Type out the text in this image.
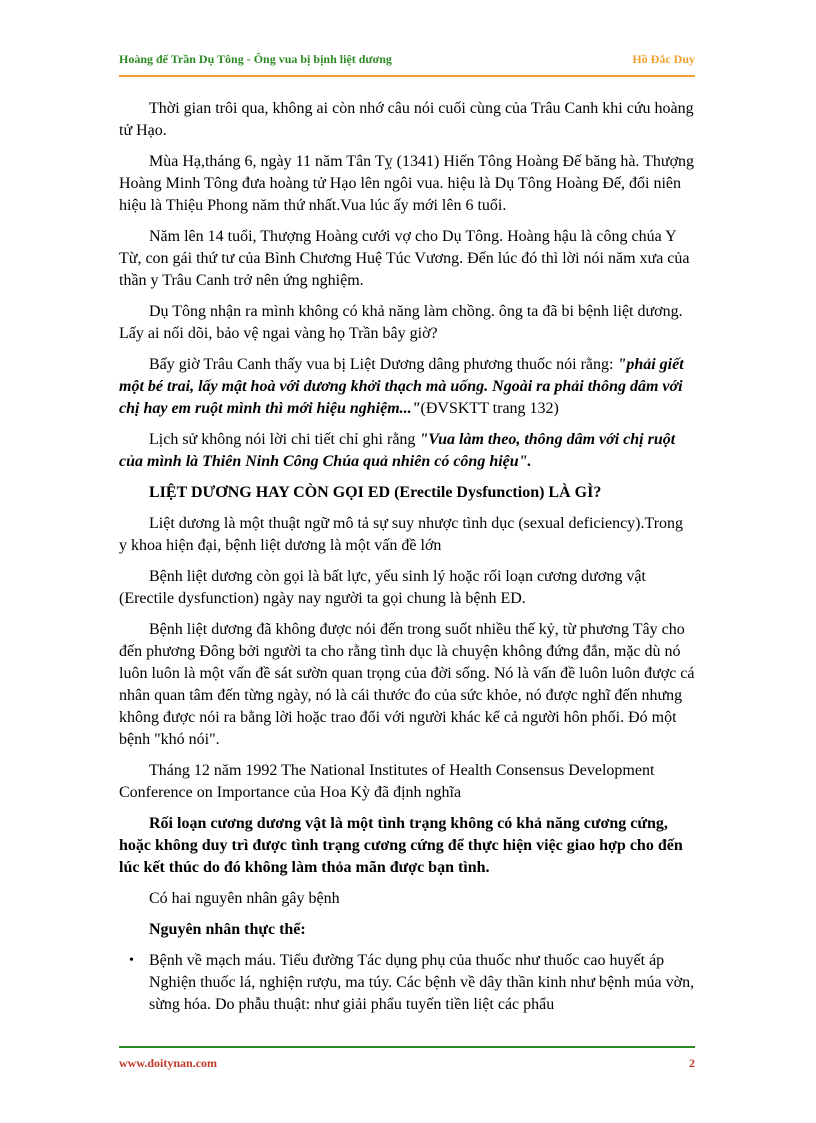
Hoàng đế Trần Dụ Tông - Ông vua bị bịnh liệt dương	Hồ Đắc Duy

Thời gian trôi qua, không ai còn nhớ câu nói cuối cùng của Trâu Canh khi cứu hoàng tử Hạo.

Mùa Hạ,tháng 6, ngày 11 năm Tân Tỵ (1341) Hiến Tông Hoàng Đế băng hà. Thượng Hoàng Minh Tông đưa hoàng tử Hạo lên ngôi vua. hiệu là Dụ Tông Hoàng Đế, đổi niên hiệu là Thiệu Phong năm thứ nhất.Vua lúc ấy mới lên 6 tuổi.

Năm lên 14 tuổi, Thượng Hoàng cưới vợ cho Dụ Tông. Hoàng hậu là công chúa Y Từ, con gái thứ tư của Bình Chương Huệ Túc Vương. Đến lúc đó thì lời nói năm xưa của thần y Trâu Canh trở nên ứng nghiệm.

Dụ Tông nhận ra mình không có khả năng làm chồng. ông ta đã bi bệnh liệt dương. Lấy ai nối dõi, bảo vệ ngai vàng họ Trần bây giờ?

Bấy giờ Trâu Canh thấy vua bị Liệt Dương dâng phương thuốc nói rằng: "phải giết một bé trai, lấy mật hoà với dương khởi thạch mà uống. Ngoài ra phải thông dâm với chị hay em ruột mình thì mới hiệu nghiệm..."(ĐVSKTT trang 132)

Lịch sử không nói lời chi tiết chỉ ghi rằng "Vua làm theo, thông dâm với chị ruột của mình là Thiên Ninh Công Chúa quả nhiên có công hiệu".

LIỆT DƯƠNG HAY CÒN GỌI ED (Erectile Dysfunction) LÀ GÌ?

Liệt dương là một thuật ngữ mô tả sự suy nhược tình dục (sexual deficiency).Trong y khoa hiện đại, bệnh liệt dương là một vấn đề lớn

Bệnh liệt dương còn gọi là bất lực, yếu sinh lý hoặc rối loạn cương dương vật (Erectile dysfunction) ngày nay người ta gọi chung là bệnh ED.

Bệnh liệt dương đã không được nói đến trong suốt nhiều thế kỷ, từ phương Tây cho đến phương Đông bởi người ta cho rằng tình dục là chuyện không đứng đắn, mặc dù nó luôn luôn là một vấn đề sát sườn quan trọng của đời sống. Nó là vấn đề luôn luôn được cá nhân quan tâm đến từng ngày, nó là cái thước đo của sức khỏe, nó được nghĩ đến nhưng không được nói ra bằng lời hoặc trao đổi với người khác kể cả người hôn phối. Đó một bệnh "khó nói".

Tháng 12 năm 1992 The National Institutes of Health Consensus Development Conference on Importance của Hoa Kỳ đã định nghĩa

Rối loạn cương dương vật là một tình trạng không có khả năng cương cứng, hoặc không duy trì được tình trạng cương cứng để thực hiện việc giao hợp cho đến lúc kết thúc do đó không làm thỏa mãn được bạn tình.

Có hai nguyên nhân gây bệnh

Nguyên nhân thực thể:
• Bệnh về mạch máu. Tiểu đường Tác dụng phụ của thuốc như thuốc cao huyết áp Nghiện thuốc lá, nghiện rượu, ma túy. Các bệnh về dây thần kinh như bệnh múa vờn, sừng hóa. Do phẫu thuật: như giải phẩu tuyến tiền liệt các phẩu
www.doitynan.com	2
